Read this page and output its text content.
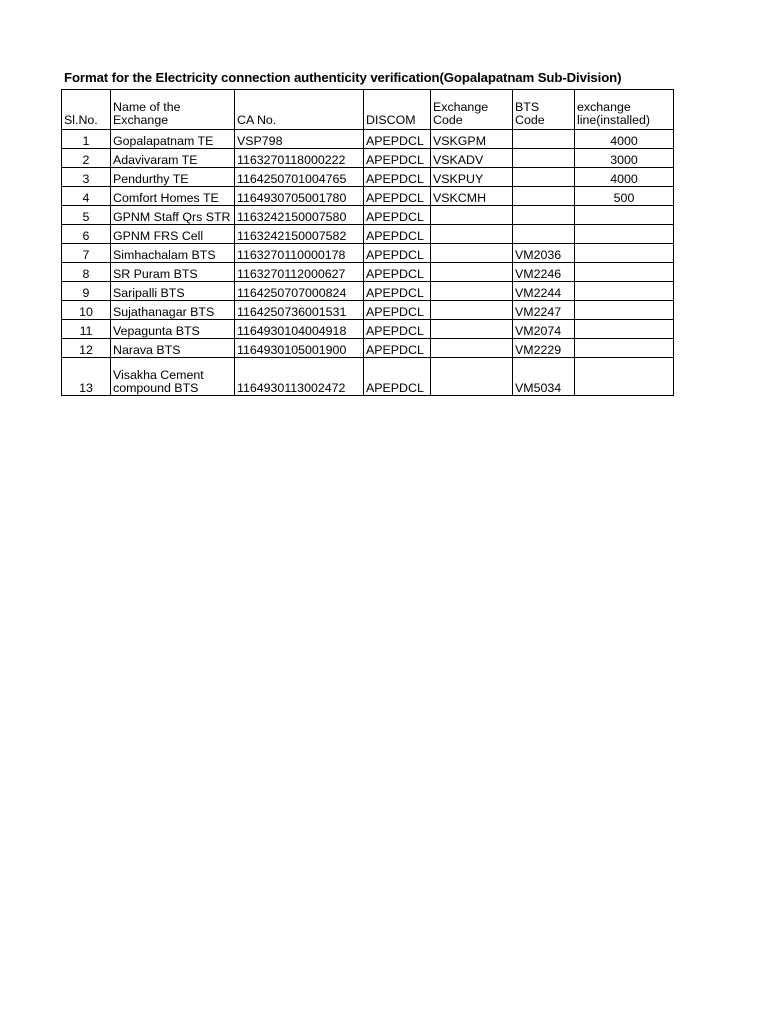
Format for the Electricity connection authenticity verification(Gopalapatnam Sub-Division)
Sl.No.	Name of the Exchange	CA No.	DISCOM	Exchange Code	BTS Code	exchange line(installed)
1	Gopalapatnam TE	VSP798	APEPDCL	VSKGPM		4000
2	Adavivaram TE	1163270118000222	APEPDCL	VSKADV		3000
3	Pendurthy TE	1164250701004765	APEPDCL	VSKPUY		4000
4	Comfort Homes TE	1164930705001780	APEPDCL	VSKCMH		500
5	GPNM Staff Qrs STR	1163242150007580	APEPDCL			
6	GPNM FRS Cell	1163242150007582	APEPDCL			
7	Simhachalam BTS	1163270110000178	APEPDCL		VM2036	
8	SR Puram BTS	1163270112000627	APEPDCL		VM2246	
9	Saripalli BTS	1164250707000824	APEPDCL		VM2244	
10	Sujathanagar BTS	1164250736001531	APEPDCL		VM2247	
11	Vepagunta BTS	1164930104004918	APEPDCL		VM2074	
12	Narava BTS	1164930105001900	APEPDCL		VM2229	
13	Visakha Cement compound BTS	1164930113002472	APEPDCL		VM5034	
